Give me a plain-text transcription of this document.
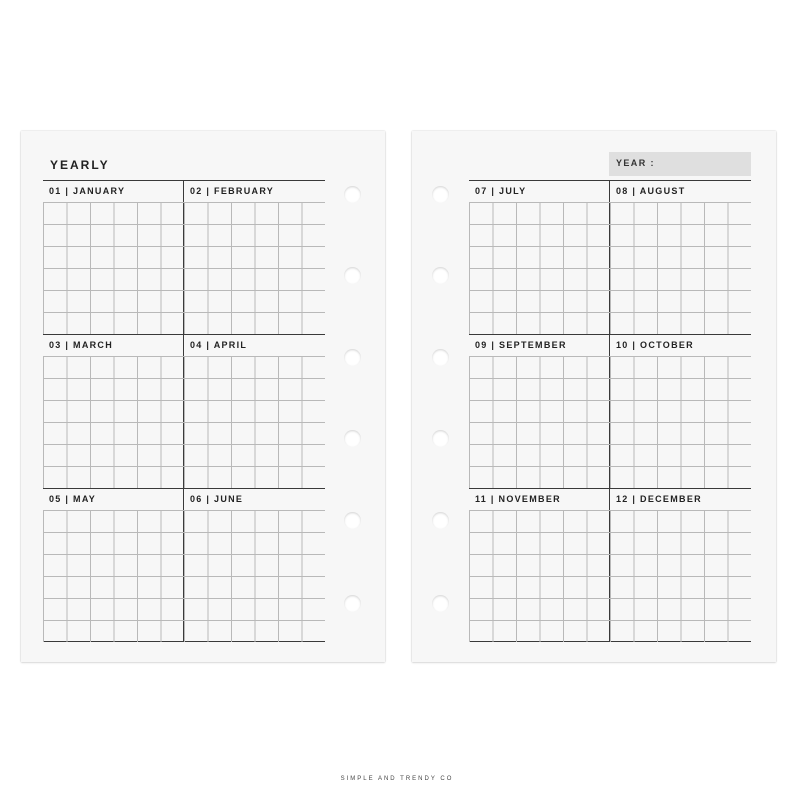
YEARLY
01 | JANUARY	02 | FEBRUARY
03 | MARCH	04 | APRIL
05 | MAY	06 | JUNE
YEAR :
07 | JULY	08 | AUGUST
09 | SEPTEMBER	10 | OCTOBER
11 | NOVEMBER	12 | DECEMBER
SIMPLE AND TRENDY CO
